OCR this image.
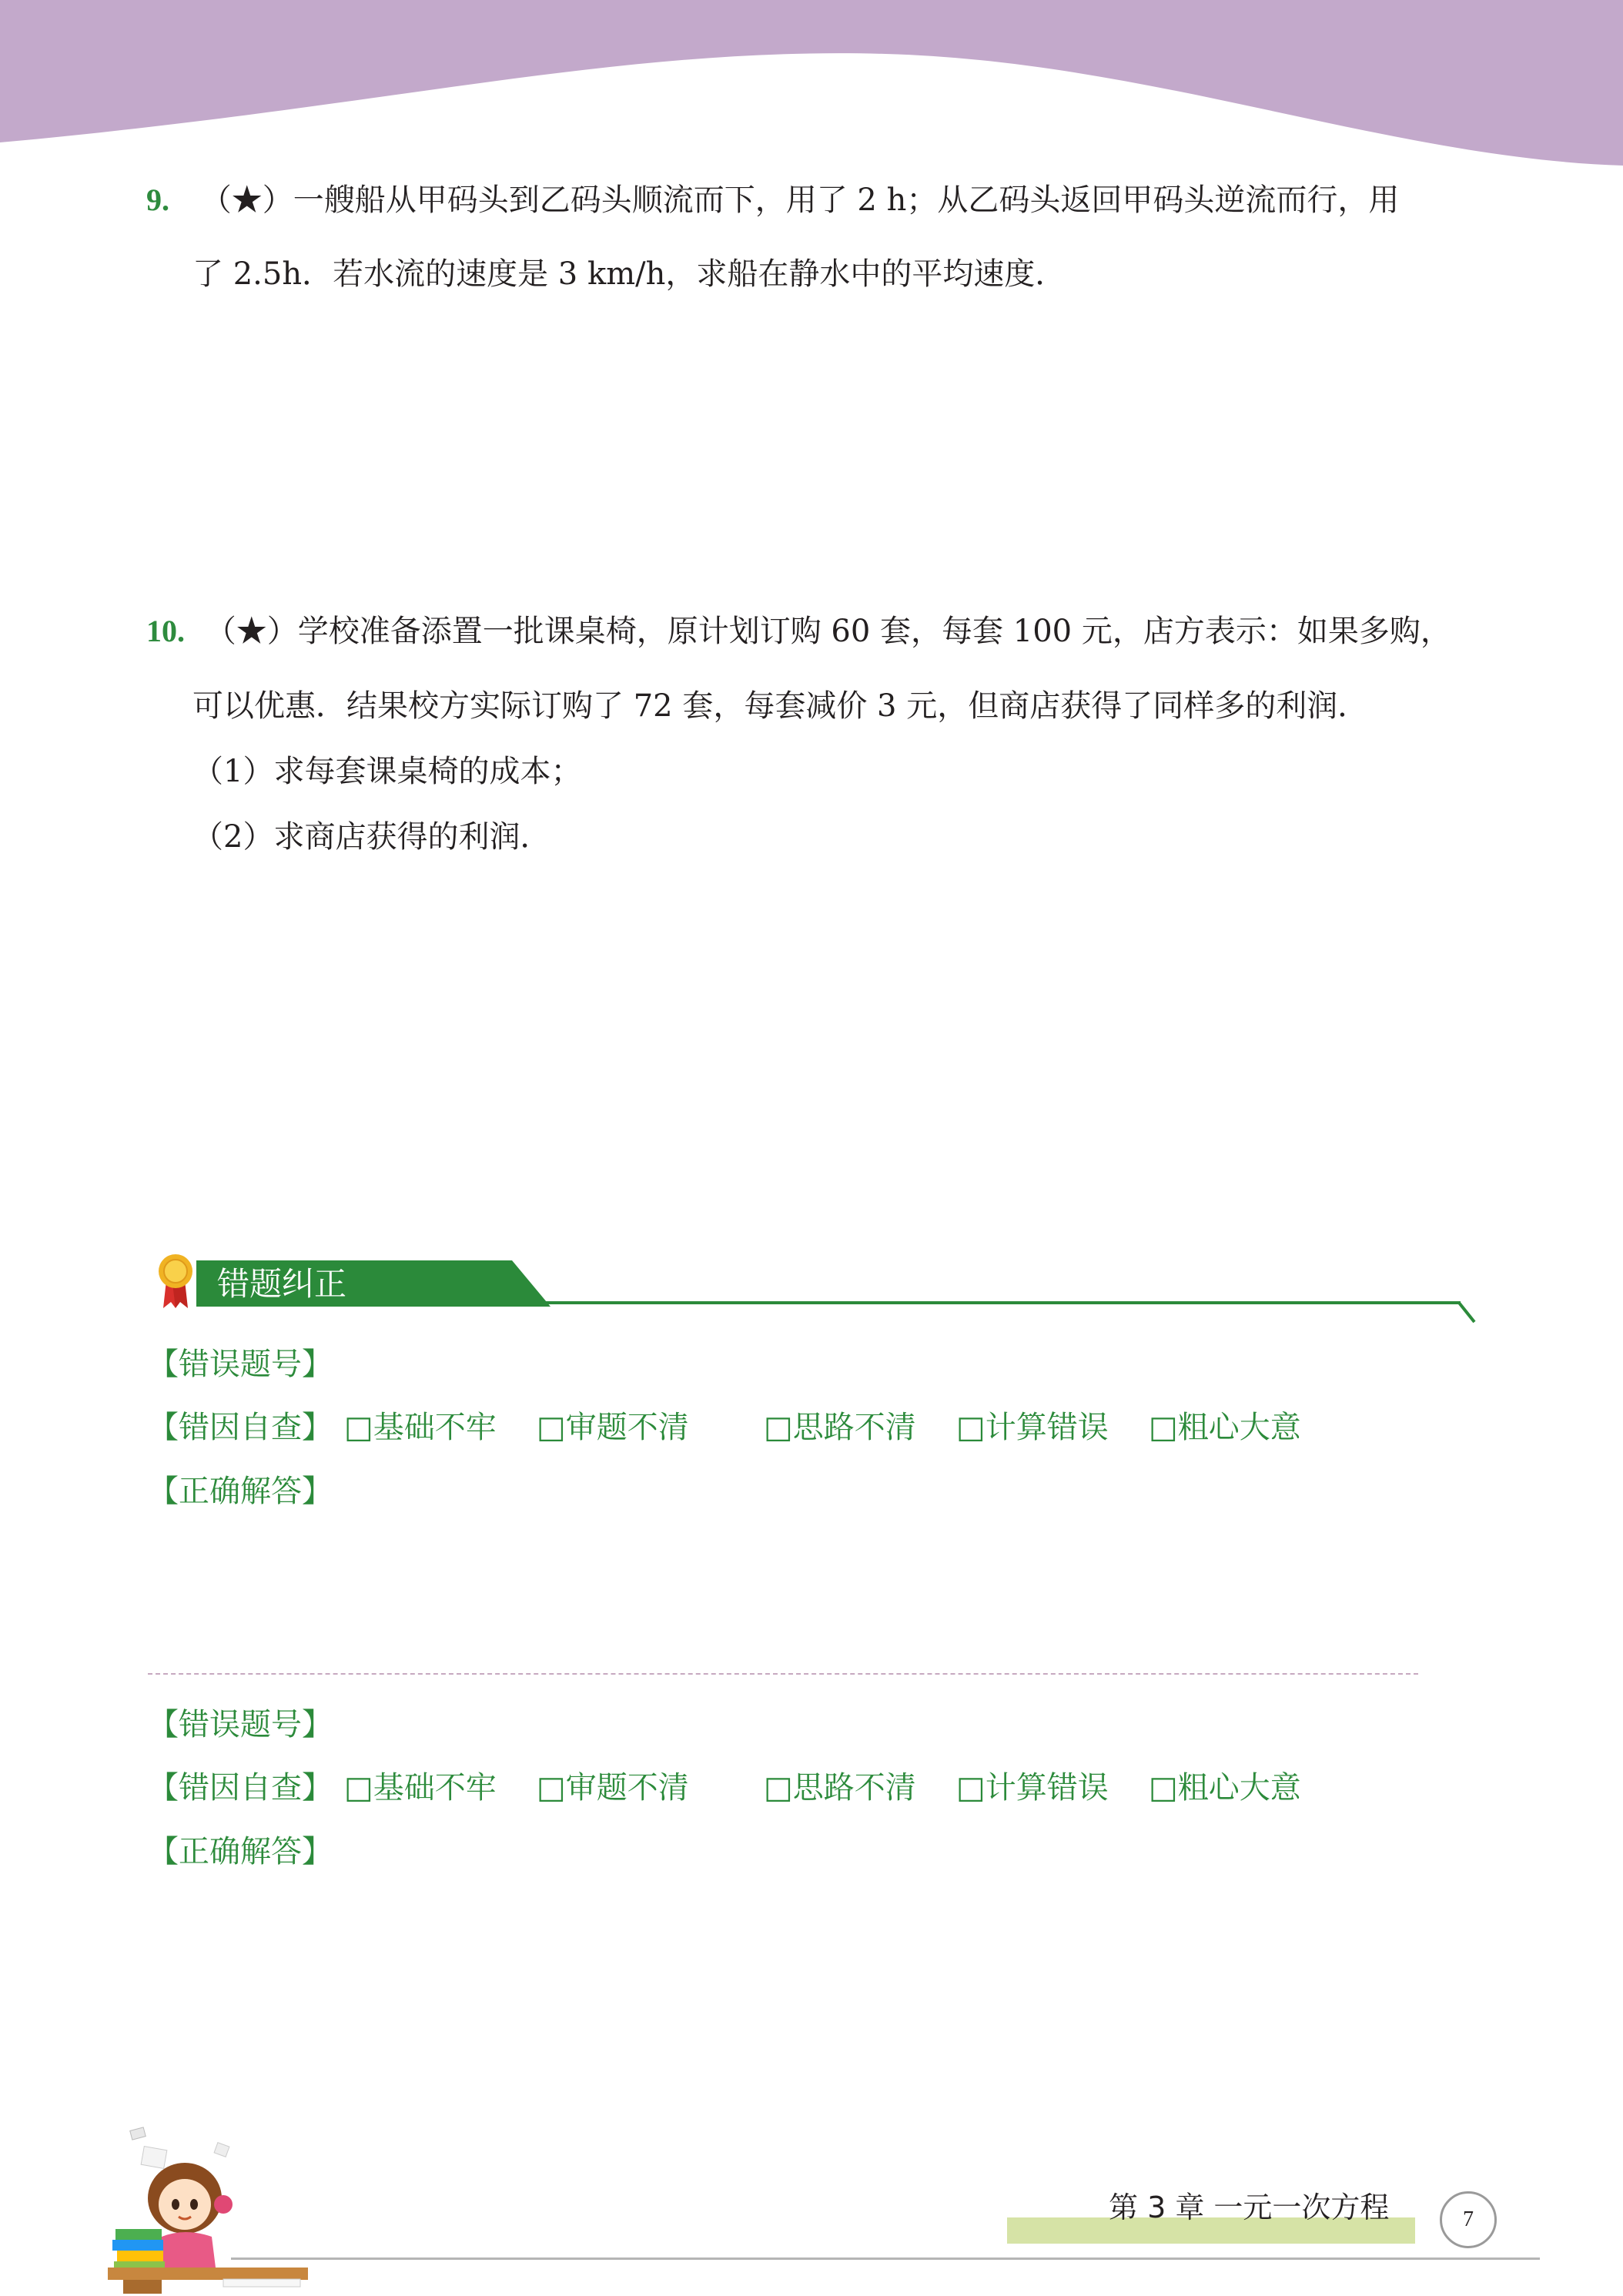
9. （★）一艘船从甲码头到乙码头顺流而下，用了 2 h；从乙码头返回甲码头逆流而行，用
了 2.5h．若水流的速度是 3 km/h，求船在静水中的平均速度．
10. （★）学校准备添置一批课桌椅，原计划订购 60 套，每套 100 元，店方表示：如果多购，
可以优惠．结果校方实际订购了 72 套，每套减价 3 元，但商店获得了同样多的利润．
（1）求每套课桌椅的成本；
（2）求商店获得的利润．
错题纠正
【错误题号】
【错因自查】 □基础不牢 □审题不清 □思路不清 □计算错误 □粗心大意
【正确解答】
【错误题号】
【错因自查】 □基础不牢 □审题不清 □思路不清 □计算错误 □粗心大意
【正确解答】
第 3 章 一元一次方程	7
